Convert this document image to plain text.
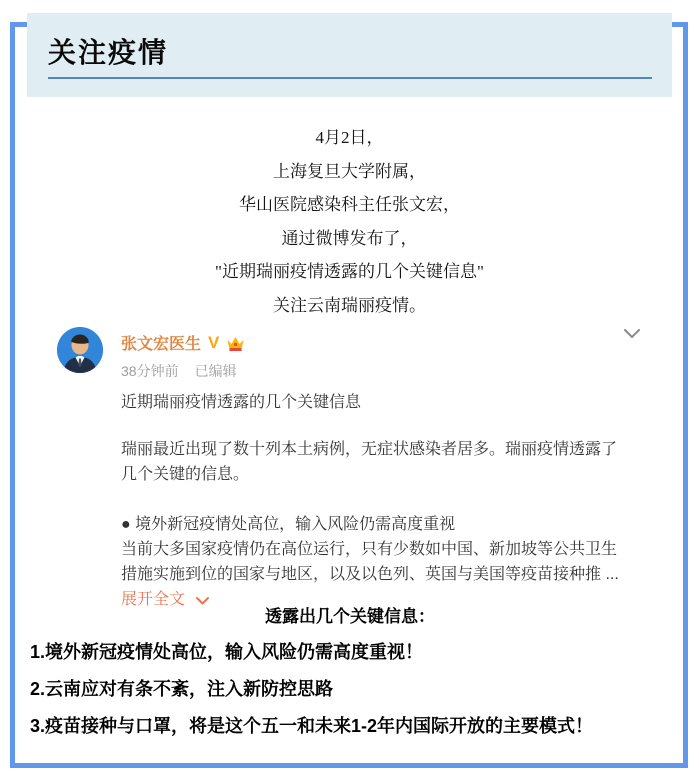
关注疫情
4月2日，
上海复旦大学附属，
华山医院感染科主任张文宏，
通过微博发布了，
"近期瑞丽疫情透露的几个关键信息"
关注云南瑞丽疫情。
张文宏医生 V
38分钟前 已编辑
近期瑞丽疫情透露的几个关键信息
瑞丽最近出现了数十列本土病例，无症状感染者居多。瑞丽疫情透露了几个关键的信息。
● 境外新冠疫情处高位，输入风险仍需高度重视
当前大多国家疫情仍在高位运行，只有少数如中国、新加坡等公共卫生措施实施到位的国家与地区，以及以色列、英国与美国等疫苗接种推 ... 展开全文
透露出几个关键信息：
1.境外新冠疫情处高位，输入风险仍需高度重视！
2.云南应对有条不紊，注入新防控思路
3.疫苗接种与口罩，将是这个五一和未来1-2年内国际开放的主要模式！
